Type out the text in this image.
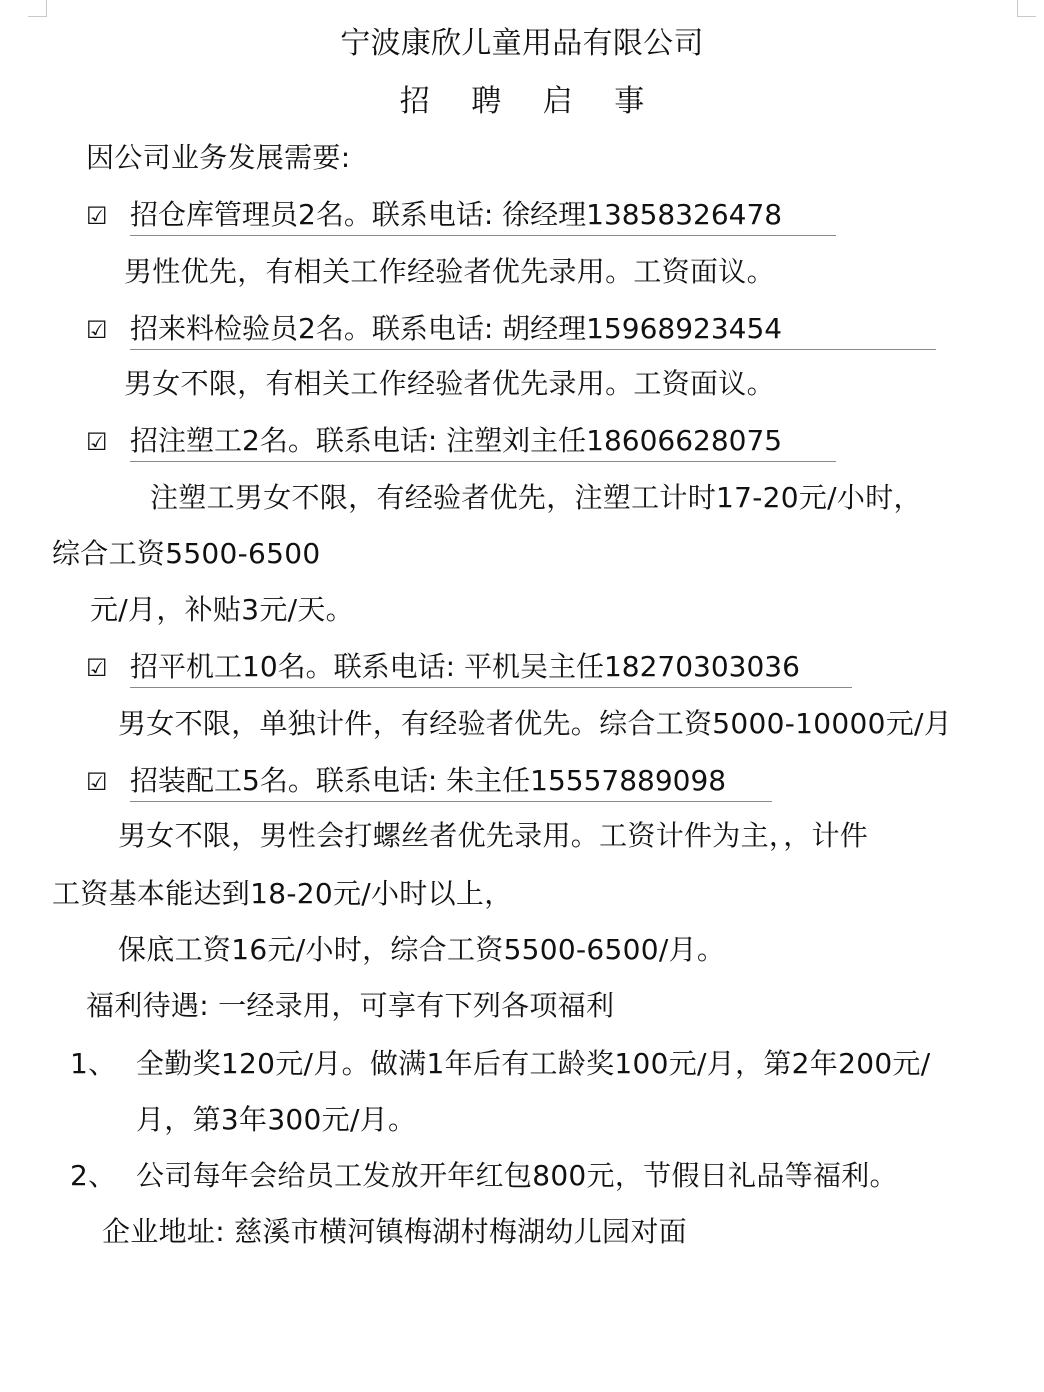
宁波康欣儿童用品有限公司
招 聘 启 事
因公司业务发展需要:
☑ 招仓库管理员2名。联系电话: 徐经理13858326478
男性优先，有相关工作经验者优先录用。工资面议。
☑ 招来料检验员2名。联系电话: 胡经理15968923454
男女不限，有相关工作经验者优先录用。工资面议。
☑ 招注塑工2名。联系电话: 注塑刘主任18606628075
注塑工男女不限，有经验者优先，注塑工计时17-20元/小时，
综合工资5500-6500
元/月，补贴3元/天。
☑ 招平机工10名。联系电话: 平机吴主任18270303036
男女不限，单独计件，有经验者优先。综合工资5000-10000元/月
☑ 招装配工5名。联系电话: 朱主任15557889098
男女不限，男性会打螺丝者优先录用。工资计件为主，，计件
工资基本能达到18-20元/小时以上，
保底工资16元/小时，综合工资5500-6500/月。
福利待遇: 一经录用，可享有下列各项福利
1、 全勤奖120元/月。做满1年后有工龄奖100元/月，第2年200元/
月，第3年300元/月。
2、 公司每年会给员工发放开年红包800元，节假日礼品等福利。
企业地址: 慈溪市横河镇梅湖村梅湖幼儿园对面
